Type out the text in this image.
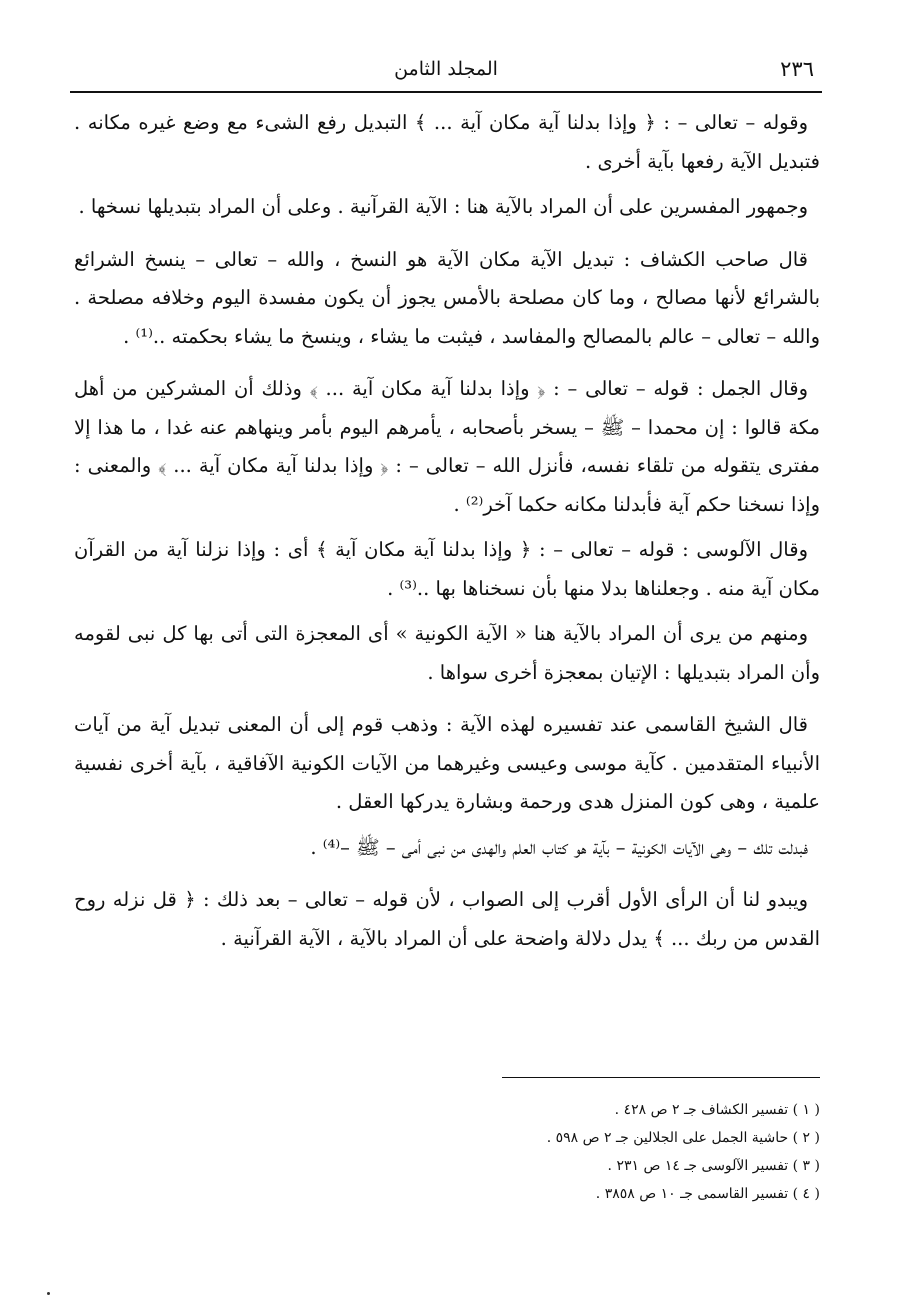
٢٣٦
المجلد الثامن

وقوله – تعالى – : ﴿ وإذا بدلنا آية مكان آية ... ﴾ التبديل رفع الشىء مع وضع غيره مكانه . فتبديل الآية رفعها بآية أخرى .

وجمهور المفسرين على أن المراد بالآية هنا : الآية القرآنية . وعلى أن المراد بتبديلها نسخها .

قال صاحب الكشاف : تبديل الآية مكان الآية هو النسخ ، والله – تعالى – ينسخ الشرائع بالشرائع لأنها مصالح ، وما كان مصلحة بالأمس يجوز أن يكون مفسدة اليوم وخلافه مصلحة . والله – تعالى – عالم بالمصالح والمفاسد ، فيثبت ما يشاء ، وينسخ ما يشاء بحكمته ..⁽¹⁾ .

وقال الجمل : قوله – تعالى – : ﴿ وإذا بدلنا آية مكان آية ... ﴾ وذلك أن المشركين من أهل مكة قالوا : إن محمدا – ﷺ – يسخر بأصحابه ، يأمرهم اليوم بأمر وينهاهم عنه غدا ، ما هذا إلا مفترى يتقوله من تلقاء نفسه، فأنزل الله – تعالى – : ﴿ وإذا بدلنا آية مكان آية ... ﴾ والمعنى : وإذا نسخنا حكم آية فأبدلنا مكانه حكما آخر⁽²⁾ .

وقال الآلوسى : قوله – تعالى – : ﴿ وإذا بدلنا آية مكان آية ﴾ أى : وإذا نزلنا آية من القرآن مكان آية منه . وجعلناها بدلا منها بأن نسخناها بها ..⁽³⁾ .

ومنهم من يرى أن المراد بالآية هنا « الآية الكونية » أى المعجزة التى أتى بها كل نبى لقومه وأن المراد بتبديلها : الإتيان بمعجزة أخرى سواها .

قال الشيخ القاسمى عند تفسيره لهذه الآية : وذهب قوم إلى أن المعنى تبديل آية من آيات الأنبياء المتقدمين . كآية موسى وعيسى وغيرهما من الآيات الكونية الآفاقية ، بآية أخرى نفسية علمية ، وهى كون المنزل هدى ورحمة وبشارة يدركها العقل .

فبدلت تلك – وهى الآيات الكونية – بآية هو كتاب العلم والهدى من نبى أمى – ﷺ –⁽⁴⁾ .

ويبدو لنا أن الرأى الأول أقرب إلى الصواب ، لأن قوله – تعالى – بعد ذلك : ﴿ قل نزله روح القدس من ربك ... ﴾ يدل دلالة واضحة على أن المراد بالآية ، الآية القرآنية .

( ١ ) تفسير الكشاف جـ ٢ ص ٤٢٨ .
( ٢ ) حاشية الجمل على الجلالين جـ ٢ ص ٥٩٨ .
( ٣ ) تفسير الآلوسى جـ ١٤ ص ٢٣١ .
( ٤ ) تفسير القاسمى جـ ١٠ ص ٣٨٥٨ .
